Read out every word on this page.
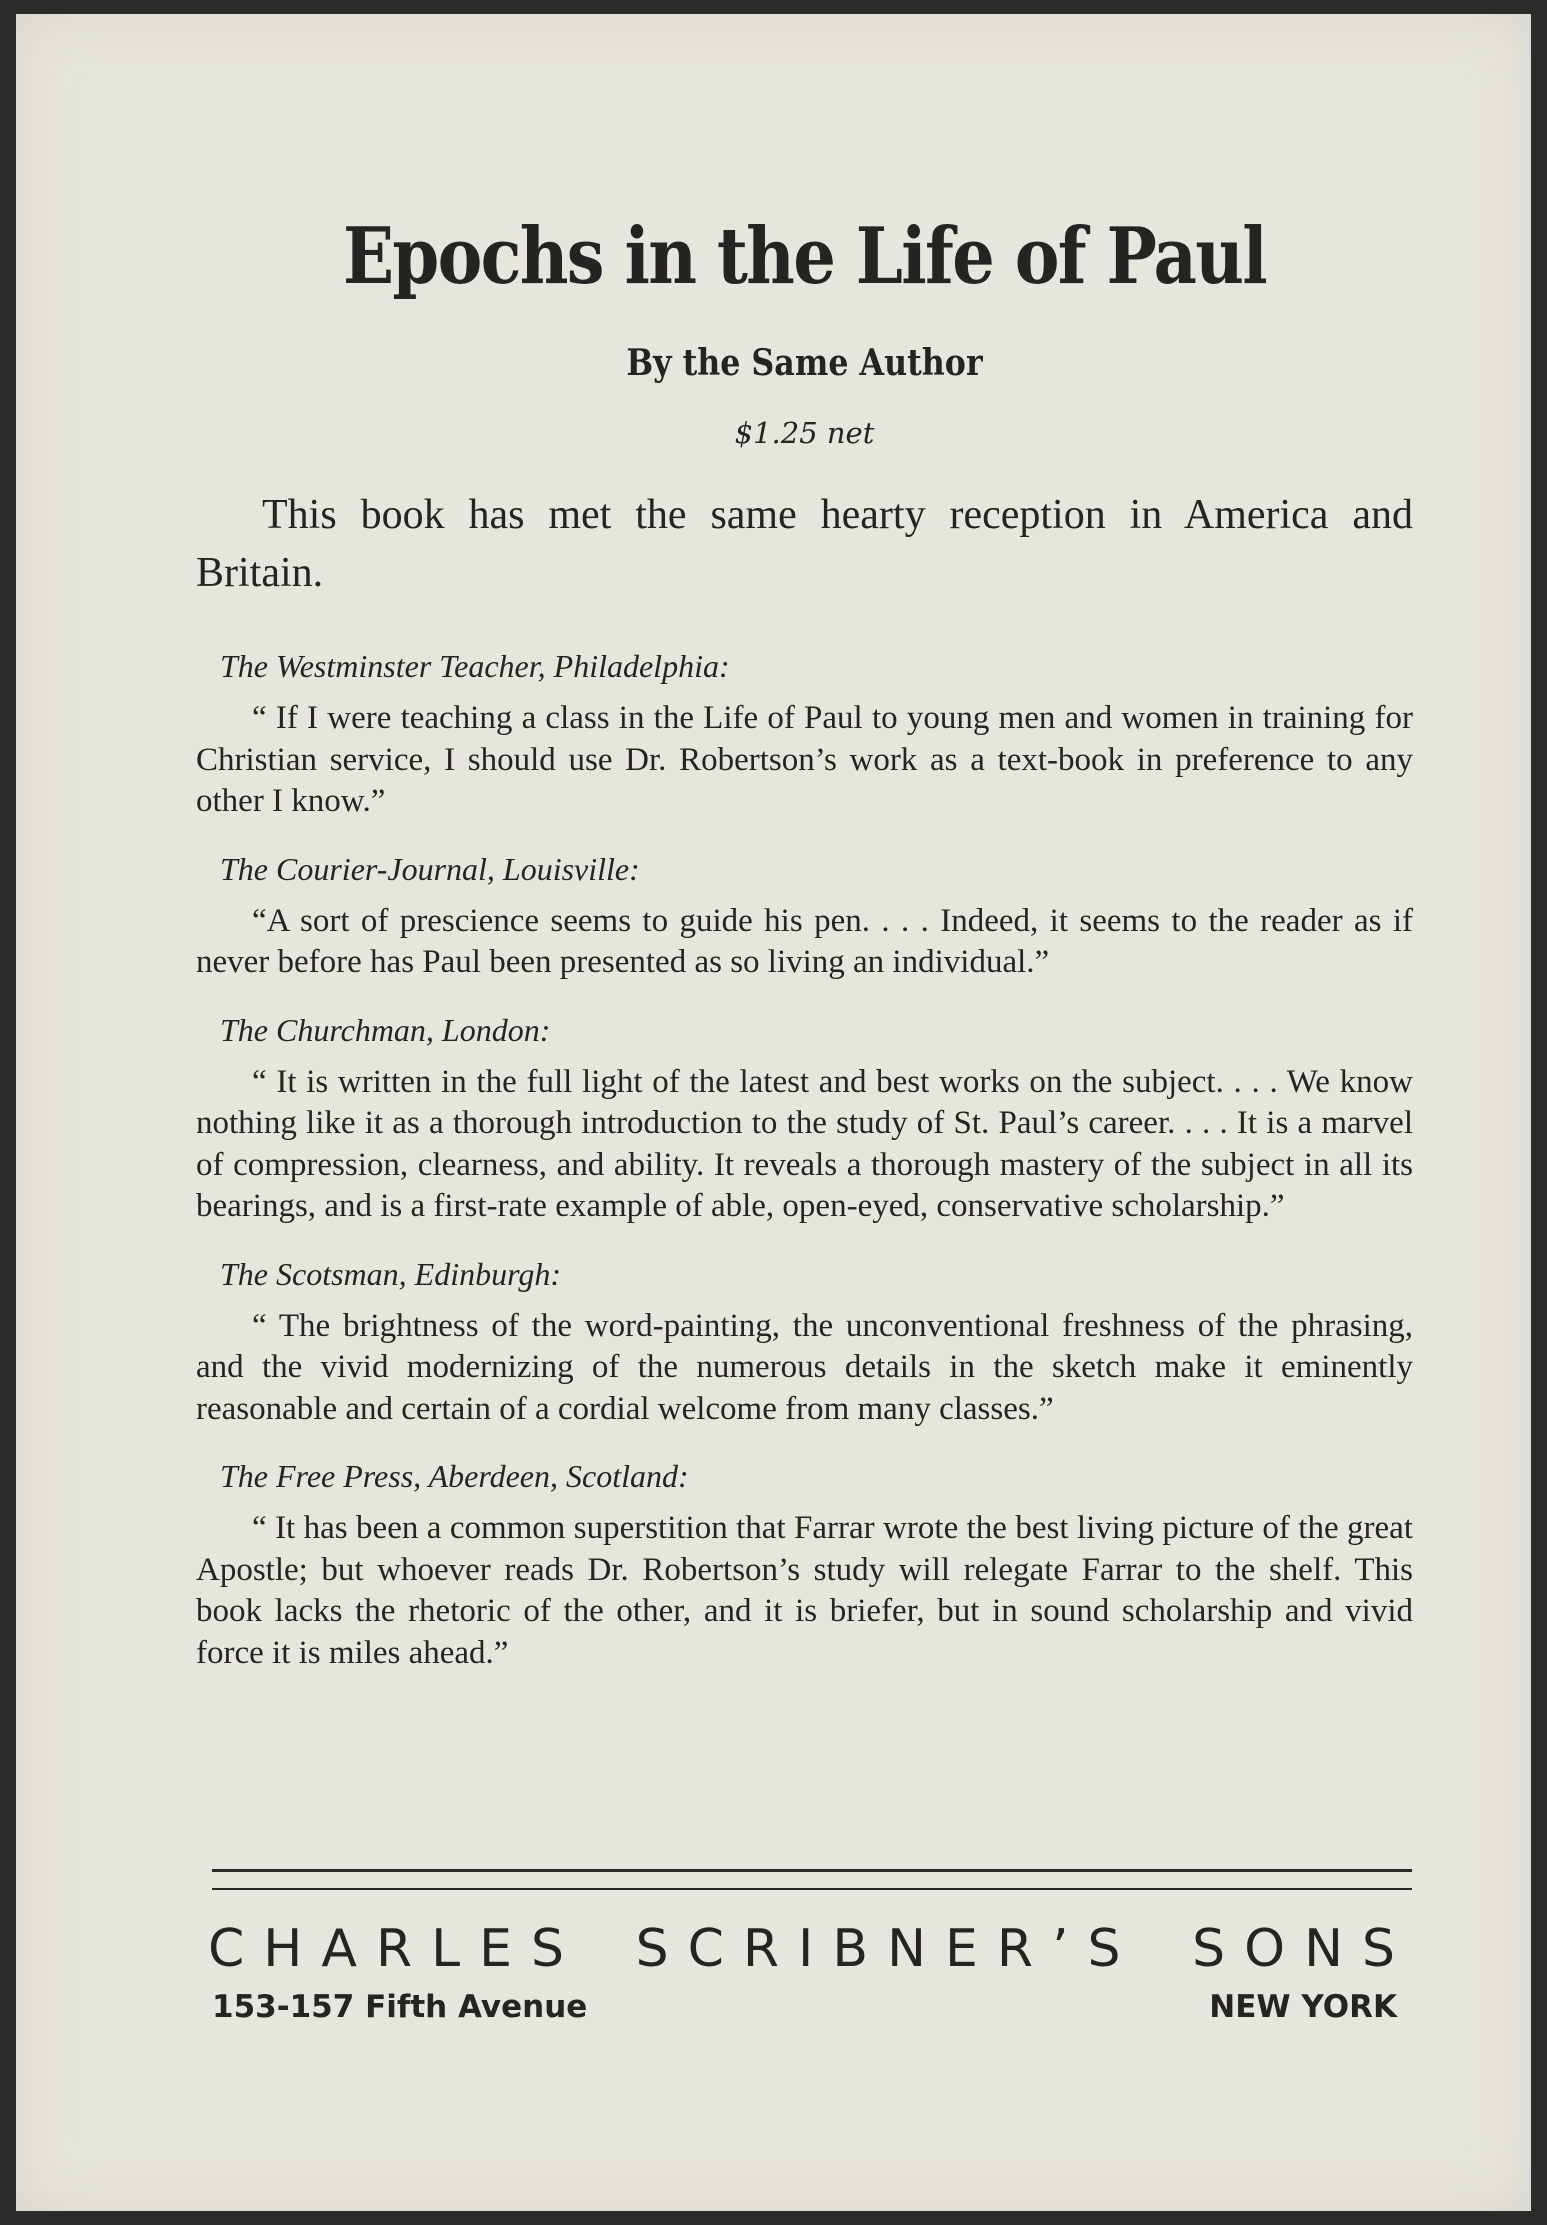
Epochs in the Life of Paul
By the Same Author
$1.25 net

This book has met the same hearty reception in America and Britain.

The Westminster Teacher, Philadelphia:
“ If I were teaching a class in the Life of Paul to young men and women in training for Christian service, I should use Dr. Robertson’s work as a text-book in preference to any other I know.”
The Courier-Journal, Louisville:
“A sort of prescience seems to guide his pen. . . . Indeed, it seems to the reader as if never before has Paul been presented as so living an individual.”
The Churchman, London:
“ It is written in the full light of the latest and best works on the subject. . . . We know nothing like it as a thorough introduction to the study of St. Paul’s career. . . . It is a marvel of compression, clearness, and ability. It reveals a thorough mastery of the subject in all its bearings, and is a first-rate example of able, open-eyed, conservative scholarship.”
The Scotsman, Edinburgh:
“ The brightness of the word-painting, the unconventional freshness of the phrasing, and the vivid modernizing of the numerous details in the sketch make it eminently reasonable and certain of a cordial welcome from many classes.”
The Free Press, Aberdeen, Scotland:
“ It has been a common superstition that Farrar wrote the best living picture of the great Apostle; but whoever reads Dr. Robertson’s study will relegate Farrar to the shelf. This book lacks the rhetoric of the other, and it is briefer, but in sound scholarship and vivid force it is miles ahead.”
CHARLES SCRIBNER’S SONS
153-157 Fifth Avenue	NEW YORK
